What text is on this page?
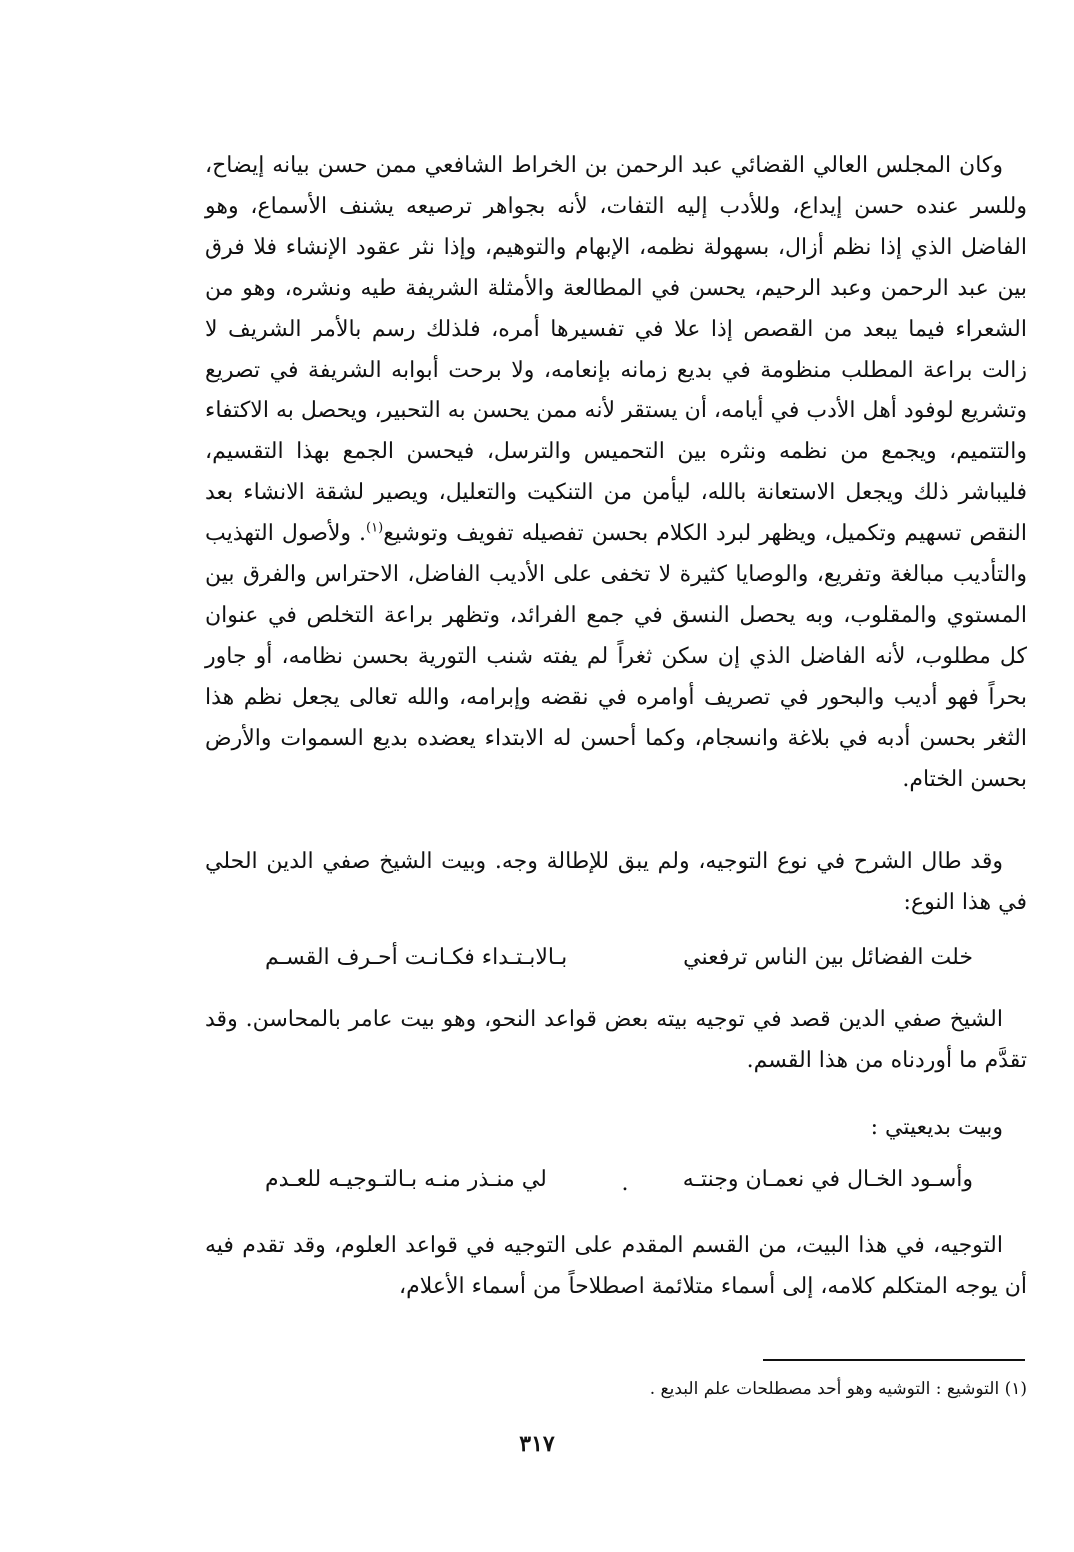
وكان المجلس العالي القضائي عبد الرحمن بن الخراط الشافعي ممن حسن بيانه إيضاح، وللسر عنده حسن إيداع، وللأدب إليه التفات، لأنه بجواهر ترصيعه يشنف الأسماع، وهو الفاضل الذي إذا نظم أزال، بسهولة نظمه، الإبهام والتوهيم، وإذا نثر عقود الإنشاء فلا فرق بين عبد الرحمن وعبد الرحيم، يحسن في المطالعة والأمثلة الشريفة طيه ونشره، وهو من الشعراء فيما يبعد من القصص إذا علا في تفسيرها أمره، فلذلك رسم بالأمر الشريف لا زالت براعة المطلب منظومة في بديع زمانه بإنعامه، ولا برحت أبوابه الشريفة في تصريع وتشريع لوفود أهل الأدب في أيامه، أن يستقر لأنه ممن يحسن به التحبير، ويحصل به الاكتفاء والتتميم، ويجمع من نظمه ونثره بين التحميس والترسل، فيحسن الجمع بهذا التقسيم، فليباشر ذلك ويجعل الاستعانة بالله، ليأمن من التنكيت والتعليل، ويصير لشقة الانشاء بعد النقص تسهيم وتكميل، ويظهر لبرد الكلام بحسن تفصيله تفويف وتوشيع$^{(١)}$. ولأصول التهذيب والتأديب مبالغة وتفريع، والوصايا كثيرة لا تخفى على الأديب الفاضل، الاحتراس والفرق بين المستوي والمقلوب، وبه يحصل النسق في جمع الفرائد، وتظهر براعة التخلص في عنوان كل مطلوب، لأنه الفاضل الذي إن سكن ثغراً لم يفته شنب التورية بحسن نظامه، أو جاور بحراً فهو أديب والبحور في تصريف أوامره في نقضه وإبرامه، والله تعالى يجعل نظم هذا الثغر بحسن أدبه في بلاغة وانسجام، وكما أحسن له الابتداء يعضده بديع السموات والأرض بحسن الختام.
وقد طال الشرح في نوع التوجيه، ولم يبق للإطالة وجه. وبيت الشيخ صفي الدين الحلي في هذا النوع:
خلت الفضائل بين الناس ترفعني
بـالابـتـداء فكـانـت أحـرف القسـم
الشيخ صفي الدين قصد في توجيه بيته بعض قواعد النحو، وهو بيت عامر بالمحاسن. وقد تقدَّم ما أوردناه من هذا القسم.
وبيت بديعيتي :
وأسـود الخـال في نعمـان وجنتـه
لي منـذر منـه بـالتـوجيـه للعـدم	.
التوجيه، في هذا البيت، من القسم المقدم على التوجيه في قواعد العلوم، وقد تقدم فيه أن يوجه المتكلم كلامه، إلى أسماء متلائمة اصطلاحاً من أسماء الأعلام،
(١) التوشيع : التوشيه وهو أحد مصطلحات علم البديع .
٣١٧
